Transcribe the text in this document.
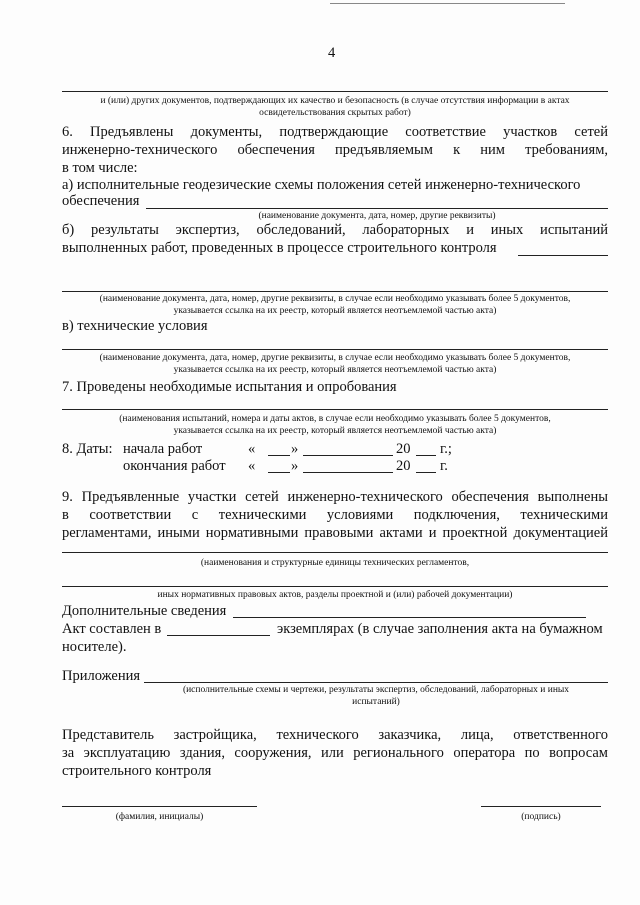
4
и (или) других документов, подтверждающих их качество и безопасность (в случае отсутствия информации в актах
освидетельствования скрытых работ)
6. Предъявлены документы, подтверждающие соответствие участков сетей
инженерно-технического обеспечения предъявляемым к ним требованиям,
в том числе:
а) исполнительные геодезические схемы положения сетей инженерно-технического
обеспечения
(наименование документа, дата, номер, другие реквизиты)
б) результаты экспертиз, обследований, лабораторных и иных испытаний
выполненных работ, проведенных в процессе строительного контроля
(наименование документа, дата, номер, другие реквизиты, в случае если необходимо указывать более 5 документов,
указывается ссылка на их реестр, который является неотъемлемой частью акта)
в) технические условия
(наименование документа, дата, номер, другие реквизиты, в случае если необходимо указывать более 5 документов,
указывается ссылка на их реестр, который является неотъемлемой частью акта)
7. Проведены необходимые испытания и опробования
(наименования испытаний, номера и даты актов, в случае если необходимо указывать более 5 документов,
указывается ссылка на их реестр, который является неотъемлемой частью акта)
8. Даты: начала работ	« »	20 г.;
окончания работ « »	20 г.
9. Предъявленные участки сетей инженерно-технического обеспечения выполнены
в соответствии с техническими условиями подключения, техническими
регламентами, иными нормативными правовыми актами и проектной документацией
(наименования и структурные единицы технических регламентов,
иных нормативных правовых актов, разделы проектной и (или) рабочей документации)
Дополнительные сведения
Акт составлен в	экземплярах (в случае заполнения акта на бумажном
носителе).
Приложения
(исполнительные схемы и чертежи, результаты экспертиз, обследований, лабораторных и иных
испытаний)
Представитель застройщика, технического заказчика, лица, ответственного
за эксплуатацию здания, сооружения, или регионального оператора по вопросам
строительного контроля
(фамилия, инициалы)	(подпись)
